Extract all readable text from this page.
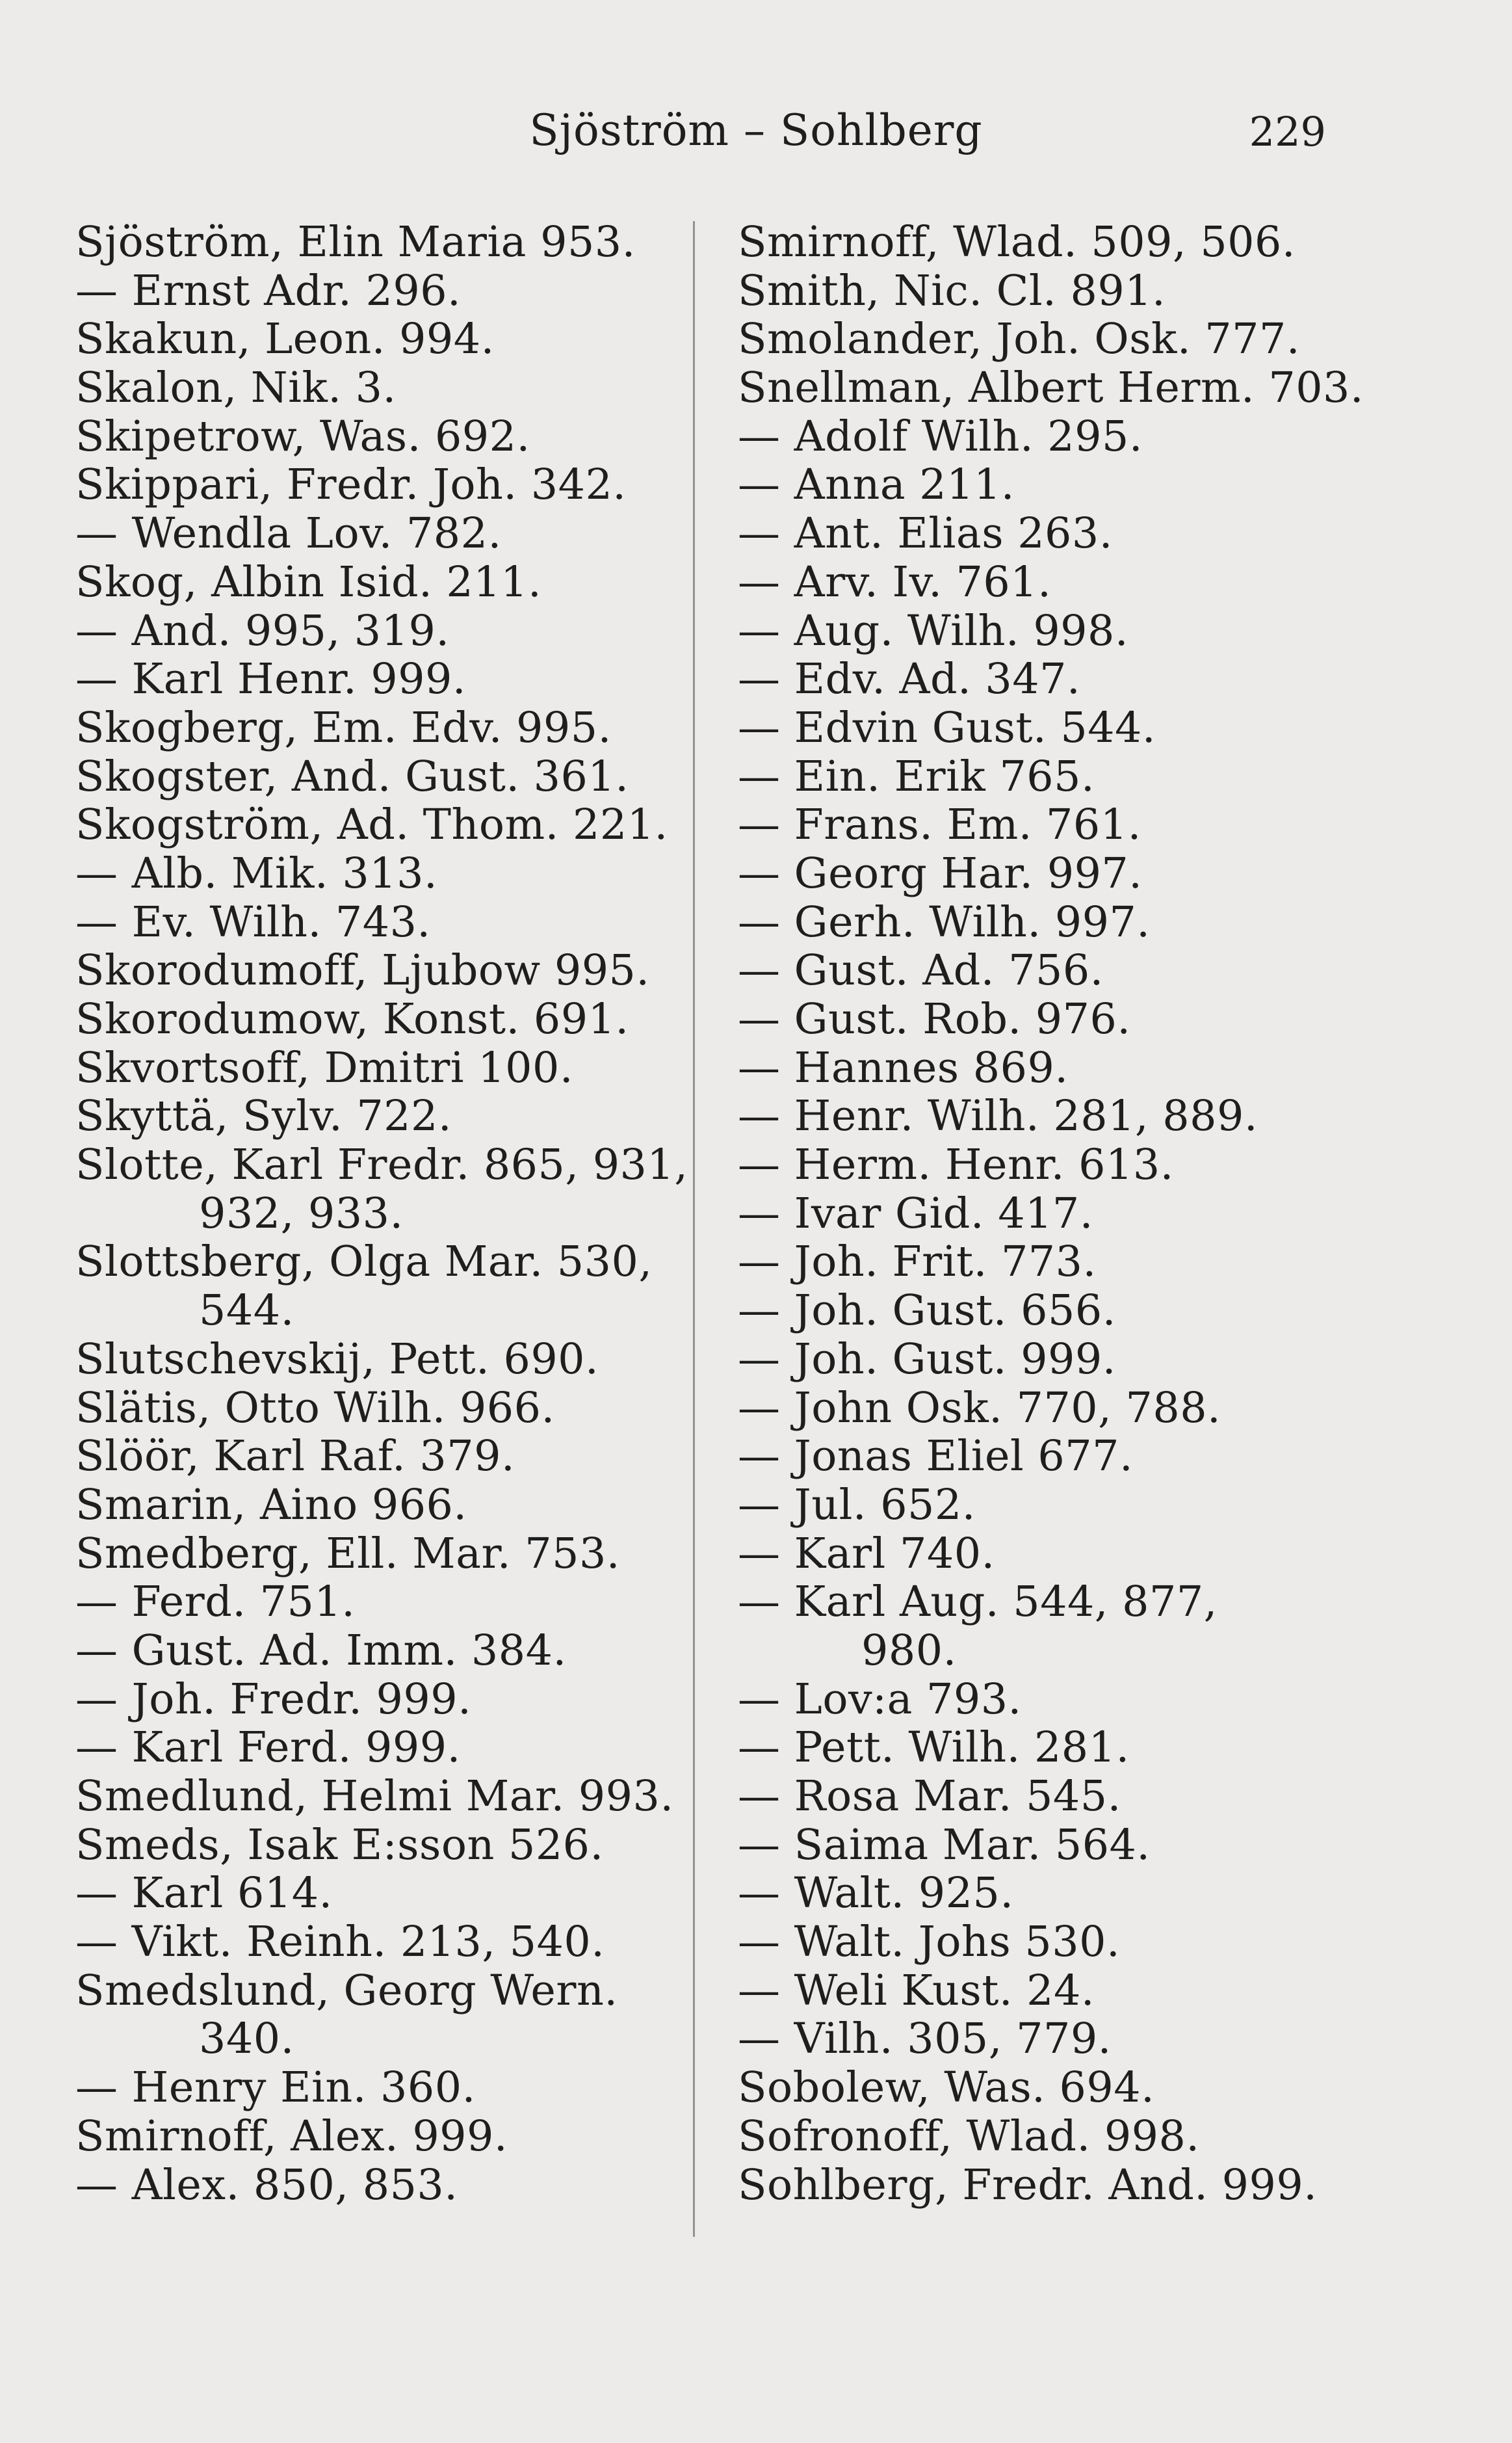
Sjöström – Sohlberg	229
Sjöström, Elin Maria 953.
— Ernst Adr. 296.
Skakun, Leon. 994.
Skalon, Nik. 3.
Skipetrow, Was. 692.
Skippari, Fredr. Joh. 342.
— Wendla Lov. 782.
Skog, Albin Isid. 211.
— And. 995, 319.
— Karl Henr. 999.
Skogberg, Em. Edv. 995.
Skogster, And. Gust. 361.
Skogström, Ad. Thom. 221.
— Alb. Mik. 313.
— Ev. Wilh. 743.
Skorodumoff, Ljubow 995.
Skorodumow, Konst. 691.
Skvortsoff, Dmitri 100.
Skyttä, Sylv. 722.
Slotte, Karl Fredr. 865, 931,
932, 933.
Slottsberg, Olga Mar. 530,
544.
Slutschevskij, Pett. 690.
Slätis, Otto Wilh. 966.
Slöör, Karl Raf. 379.
Smarin, Aino 966.
Smedberg, Ell. Mar. 753.
— Ferd. 751.
— Gust. Ad. Imm. 384.
— Joh. Fredr. 999.
— Karl Ferd. 999.
Smedlund, Helmi Mar. 993.
Smeds, Isak E:sson 526.
— Karl 614.
— Vikt. Reinh. 213, 540.
Smedslund, Georg Wern.
340.
— Henry Ein. 360.
Smirnoff, Alex. 999.
— Alex. 850, 853.
Smirnoff, Wlad. 509, 506.
Smith, Nic. Cl. 891.
Smolander, Joh. Osk. 777.
Snellman, Albert Herm. 703.
— Adolf Wilh. 295.
— Anna 211.
— Ant. Elias 263.
— Arv. Iv. 761.
— Aug. Wilh. 998.
— Edv. Ad. 347.
— Edvin Gust. 544.
— Ein. Erik 765.
— Frans. Em. 761.
— Georg Har. 997.
— Gerh. Wilh. 997.
— Gust. Ad. 756.
— Gust. Rob. 976.
— Hannes 869.
— Henr. Wilh. 281, 889.
— Herm. Henr. 613.
— Ivar Gid. 417.
— Joh. Frit. 773.
— Joh. Gust. 656.
— Joh. Gust. 999.
— John Osk. 770, 788.
— Jonas Eliel 677.
— Jul. 652.
— Karl 740.
— Karl Aug. 544, 877,
980.
— Lov:a 793.
— Pett. Wilh. 281.
— Rosa Mar. 545.
— Saima Mar. 564.
— Walt. 925.
— Walt. Johs 530.
— Weli Kust. 24.
— Vilh. 305, 779.
Sobolew, Was. 694.
Sofronoff, Wlad. 998.
Sohlberg, Fredr. And. 999.
